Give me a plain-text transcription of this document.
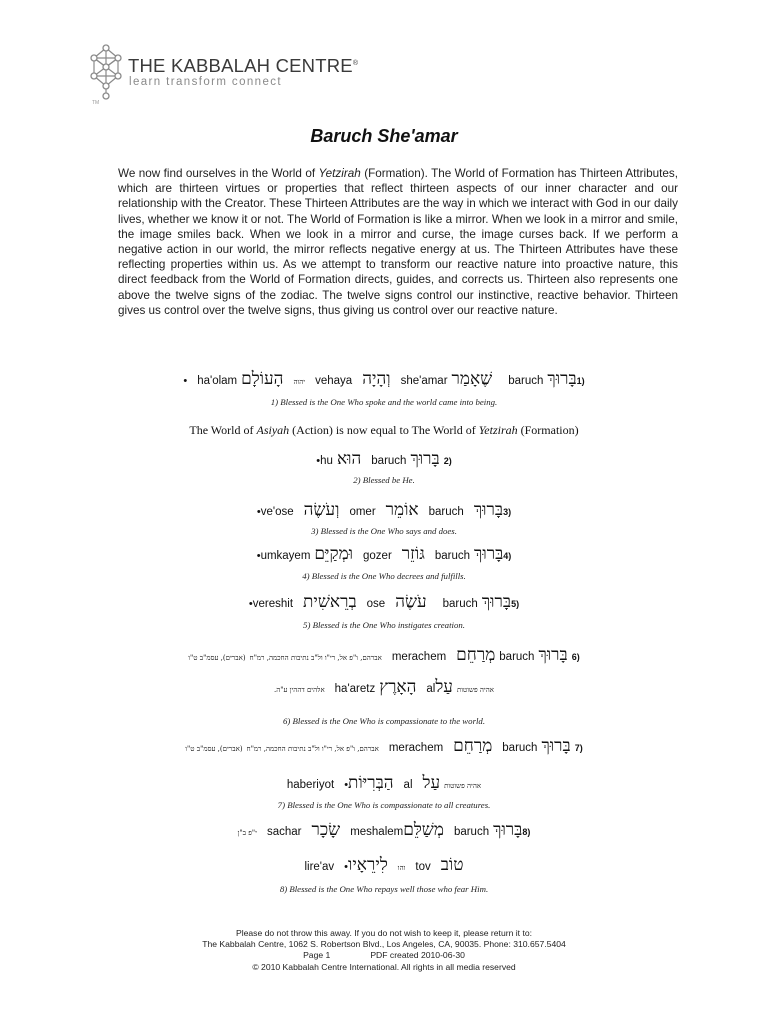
THE KABBALAH CENTRE®
learn transform connect
TM
Baruch She'amar
We now find ourselves in the World of Yetzirah (Formation). The World of Formation has Thirteen Attributes, which are thirteen virtues or properties that reflect thirteen aspects of our inner character and our relationship with the Creator. These Thirteen Attributes are the way in which we interact with God in our daily lives, whether we know it or not. The World of Formation is like a mirror. When we look in a mirror and smile, the image smiles back. When we look in a mirror and curse, the image curses back. If we perform a negative action in our world, the mirror reflects negative energy at us. The Thirteen Attributes have these reflecting properties within us. As we attempt to transform our reactive nature into proactive nature, this direct feedback from the World of Formation directs, guides, and corrects us. Thirteen also represents one above the twelve signs of the zodiac. The twelve signs control our instinctive, reactive behavior. Thirteen gives us control over the twelve signs, thus giving us control over our reactive nature.
• ha'olam הָעוֹלָם יהוה vehaya וְהָיָה she'amar שֶׁאָמַר baruch בָּרוּךְ1)
1) Blessed is the One Who spoke and the world came into being.
The World of Asiyah (Action) is now equal to The World of Yetzirah (Formation)
•hu הוּא baruch בָּרוּךְ 2)
2) Blessed be He.
•ve'ose וְעֹשֶׂה omer אוֹמֵר baruch בָּרוּךְ3)
3) Blessed is the One Who says and does.
•umkayem וּמְקַיֵּם gozer גּוֹזֵר baruch בָּרוּךְ4)
4) Blessed is the One Who decrees and fulfills.
•vereshit בְרֵאשִׁית ose עֹשֶׂה baruch בָּרוּךְ5)
5) Blessed is the One Who instigates creation.
(אברים), עסמ"ב ט"ו אברהם, ו"פ אל, רי"ו ול"ב נתיבות החכמה, רמ"ח merachem מְרַחֵם baruch בָּרוּךְ 6)
אלהים דההין ע"ה. ha'aretz הָאָרֶץ alעַל אהיה פשוטות
6) Blessed is the One Who is compassionate to the world.
(אברים), עסמ"ב ט"ו אברהם, ו"פ אל, רי"ו ול"ב נתיבות החכמה, רמ"ח merachem מְרַחֵם baruch בָּרוּךְ 7)
haberiyot •הַבְּרִיּוֹת al עַל אהיה פשוטות
7) Blessed is the One Who is compassionate to all creatures.
י"פ ב"ן sachar שָׂכָר meshalemמְשַׁלֵּם baruch בָּרוּךְ8)
lire'av •לִירֵאָיו והו tov טוֹב
8) Blessed is the One Who repays well those who fear Him.
Please do not throw this away. If you do not wish to keep it, please return it to:
The Kabbalah Centre, 1062 S. Robertson Blvd., Los Angeles, CA, 90035. Phone: 310.657.5404
Page 1	PDF created 2010-06-30
© 2010 Kabbalah Centre International. All rights in all media reserved
